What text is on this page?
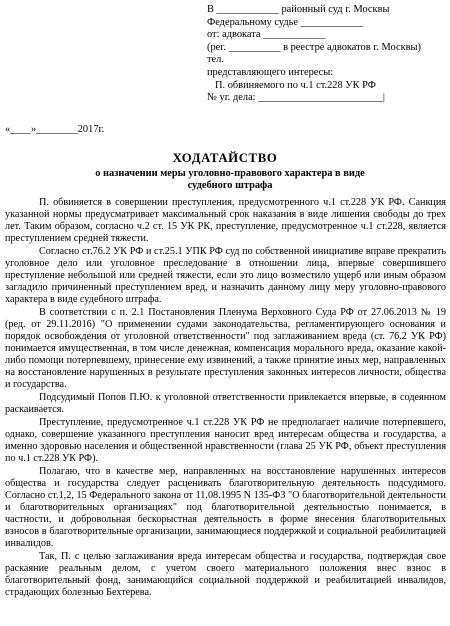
В ____________ районный суд г. Москвы
Федеральному судье ____________
от: адвоката ____________
(рег. __________ в реестре адвокатов г. Москвы)
тел.
представляющего интересы:
П. обвиняемого по ч.1 ст.228 УК РФ
№ уг. дела: ________________________|
«____»________2017г.
ХОДАТАЙСТВО
о назначении меры уголовно-правового характера в виде судебного штрафа

П. обвиняется в совершении преступления, предусмотренного ч.1 ст.228 УК РФ. Санкция указанной нормы предусматривает максимальный срок наказания в виде лишения свободы до трех лет. Таким образом, согласно ч.2 ст. 15 УК РК, преступление, предусмотренное ч.1 ст.228, является преступлением средней тяжести.

Согласно ст.76.2 УК РФ и ст.25.1 УПК РФ суд по собственной инициативе вправе прекратить уголовное дело или уголовное преследование в отношении лица, впервые совершившего преступление небольшой или средней тяжести, если это лицо возместило ущерб или иным образом загладило причиненный преступлением вред, и назначить данному лицу меру уголовно-правового характера в виде судебного штрафа.

В соответствии с п. 2.1 Постановления Пленума Верховного Суда РФ от 27.06.2013 № 19 (ред. от 29.11.2016) "О применении судами законодательства, регламентирующего основания и порядок освобождения от уголовной ответственности" под заглаживанием вреда (ст. 76.2 УК РФ) понимается имущественная, в том числе денежная, компенсация морального вреда, оказание какой-либо помощи потерпевшему, принесение ему извинений, а также принятие иных мер, направленных на восстановление нарушенных в результате преступления законных интересов личности, общества и государства.

Подсудимый Попов П.Ю. к уголовной ответственности привлекается впервые, в содеянном раскаивается.

Преступление, предусмотренное ч.1 ст.228 УК РФ не предполагает наличие потерпевшего, однако, совершение указанного преступления наносит вред интересам общества и государства, а именно здоровью населения и общественной нравственности (глава 25 УК РФ, объект преступления по ч.1 ст.228 УК РФ).

Полагаю, что в качестве мер, направленных на восстановление нарушенных интересов общества и государства следует расценивать благотворительную деятельность подсудимого. Согласно ст.1,2, 15 Федерального закона от 11.08.1995 N 135-ФЗ "О благотворительной деятельности и благотворительных организациях" под благотворительной деятельностью понимается, в частности, и добровольная бескорыстная деятельность в форме внесения благотворительных взносов в благотворительные организации, занимающиеся поддержкой и социальной реабилитацией инвалидов.

Так, П. с целью заглаживания вреда интересам общества и государства, подтверждая свое раскаяние реальным делом, с учетом своего материального положения внес взнос в благотворительный фонд, занимающийся социальной поддержкой и реабилитацией инвалидов, страдающих болезнью Бехтерева.
